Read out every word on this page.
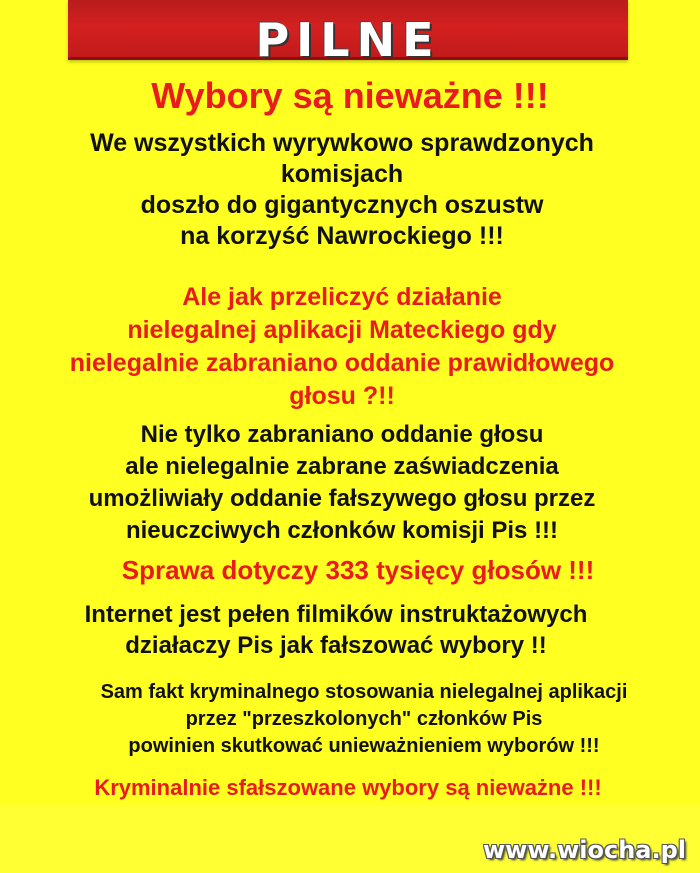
PILNE
Wybory są nieważne !!!
We wszystkich wyrywkowo sprawdzonych
komisjach
doszło do gigantycznych oszustw
na korzyść Nawrockiego !!!
Ale jak przeliczyć działanie
nielegalnej aplikacji Mateckiego gdy
nielegalnie zabraniano oddanie prawidłowego
głosu ?!!
Nie tylko zabraniano oddanie głosu
ale nielegalnie zabrane zaświadczenia
umożliwiały oddanie fałszywego głosu przez
nieuczciwych członków komisji Pis !!!
Sprawa dotyczy 333 tysięcy głosów !!!
Internet jest pełen filmików instruktażowych
działaczy Pis jak fałszować wybory !!
Sam fakt kryminalnego stosowania nielegalnej aplikacji
przez "przeszkolonych" członków Pis
powinien skutkować unieważnieniem wyborów !!!
Kryminalnie sfałszowane wybory są nieważne !!!
www.wiocha.pl
